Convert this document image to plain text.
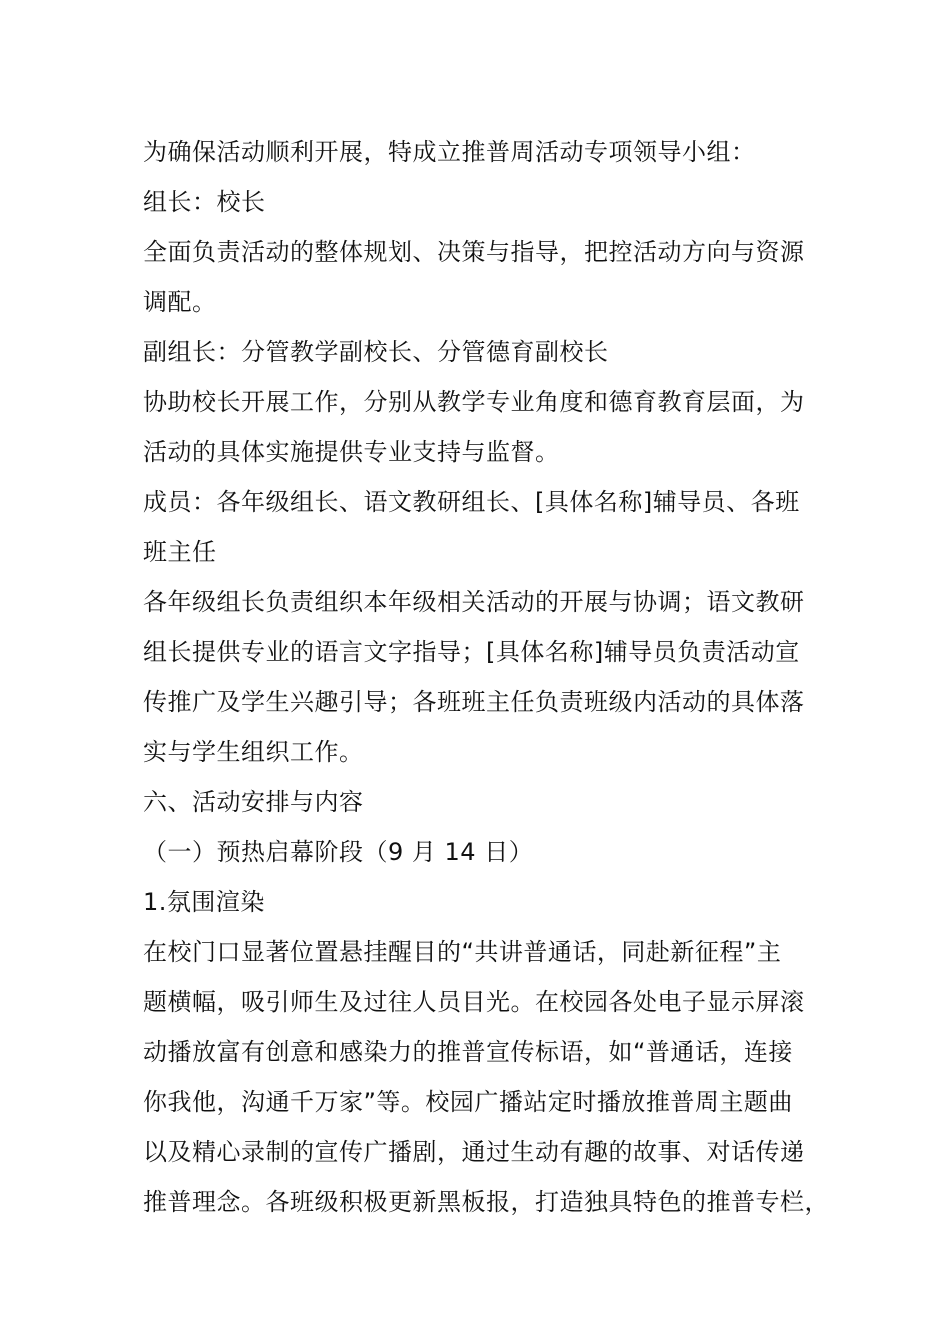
为确保活动顺利开展，特成立推普周活动专项领导小组：
组长：校长
全面负责活动的整体规划、决策与指导，把控活动方向与资源
调配。
副组长：分管教学副校长、分管德育副校长
协助校长开展工作，分别从教学专业角度和德育教育层面，为
活动的具体实施提供专业支持与监督。
成员：各年级组长、语文教研组长、[具体名称]辅导员、各班
班主任
各年级组长负责组织本年级相关活动的开展与协调；语文教研
组长提供专业的语言文字指导；[具体名称]辅导员负责活动宣
传推广及学生兴趣引导；各班班主任负责班级内活动的具体落
实与学生组织工作。
六、活动安排与内容
（一）预热启幕阶段（9 月 14 日）
1.氛围渲染
在校门口显著位置悬挂醒目的“共讲普通话，同赴新征程”主
题横幅，吸引师生及过往人员目光。在校园各处电子显示屏滚
动播放富有创意和感染力的推普宣传标语，如“普通话，连接
你我他，沟通千万家”等。校园广播站定时播放推普周主题曲
以及精心录制的宣传广播剧，通过生动有趣的故事、对话传递
推普理念。各班级积极更新黑板报，打造独具特色的推普专栏，
